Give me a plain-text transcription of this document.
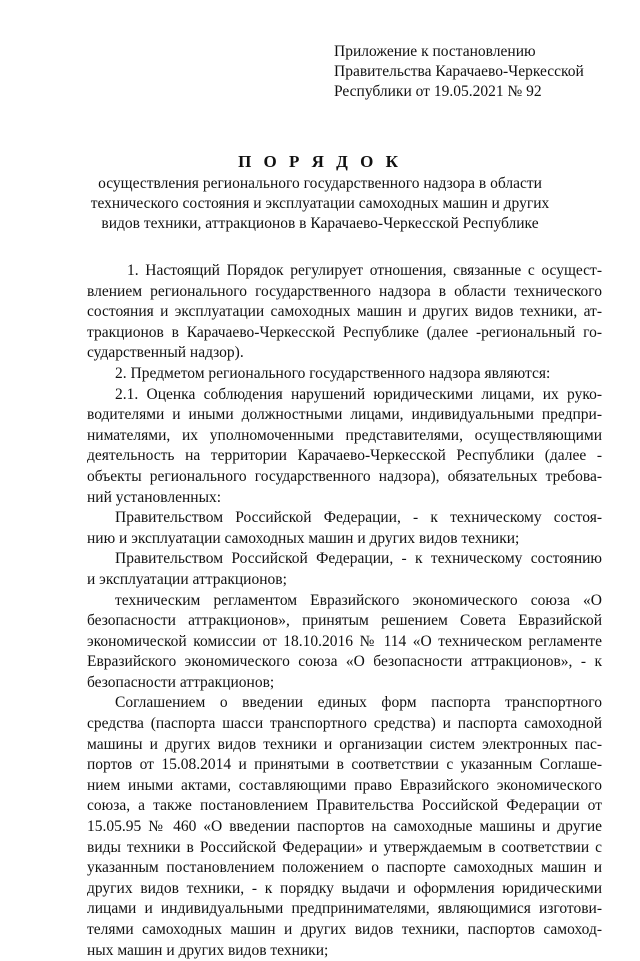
Приложение к постановлению
Правительства Карачаево-Черкесской
Республики от 19.05.2021 № 92
П О Р Я Д О К
осуществления регионального государственного надзора в области
технического состояния и эксплуатации самоходных машин и других
видов техники, аттракционов в Карачаево-Черкесской Республике
1. Настоящий Порядок регулирует отношения, связанные с осущест-
влением регионального государственного надзора в области технического
состояния и эксплуатации самоходных машин и других видов техники, ат-
тракционов в Карачаево-Черкесской Республике (далее -региональный го-
сударственный надзор).
2. Предметом регионального государственного надзора являются:
2.1. Оценка соблюдения нарушений юридическими лицами, их руко-
водителями и иными должностными лицами, индивидуальными предпри-
нимателями, их уполномоченными представителями, осуществляющими
деятельность на территории Карачаево-Черкесской Республики (далее -
объекты регионального государственного надзора), обязательных требова-
ний установленных:
Правительством Российской Федерации, - к техническому состоя-
нию и эксплуатации самоходных машин и других видов техники;
Правительством Российской Федерации, - к техническому состоянию
и эксплуатации аттракционов;
техническим регламентом Евразийского экономического союза «О
безопасности аттракционов», принятым решением Совета Евразийской
экономической комиссии от 18.10.2016 № 114 «О техническом регламенте
Евразийского экономического союза «О безопасности аттракционов», - к
безопасности аттракционов;
Соглашением о введении единых форм паспорта транспортного
средства (паспорта шасси транспортного средства) и паспорта самоходной
машины и других видов техники и организации систем электронных пас-
портов от 15.08.2014 и принятыми в соответствии с указанным Соглаше-
нием иными актами, составляющими право Евразийского экономического
союза, а также постановлением Правительства Российской Федерации от
15.05.95 № 460 «О введении паспортов на самоходные машины и другие
виды техники в Российской Федерации» и утверждаемым в соответствии с
указанным постановлением положением о паспорте самоходных машин и
других видов техники, - к порядку выдачи и оформления юридическими
лицами и индивидуальными предпринимателями, являющимися изготови-
телями самоходных машин и других видов техники, паспортов самоход-
ных машин и других видов техники;
